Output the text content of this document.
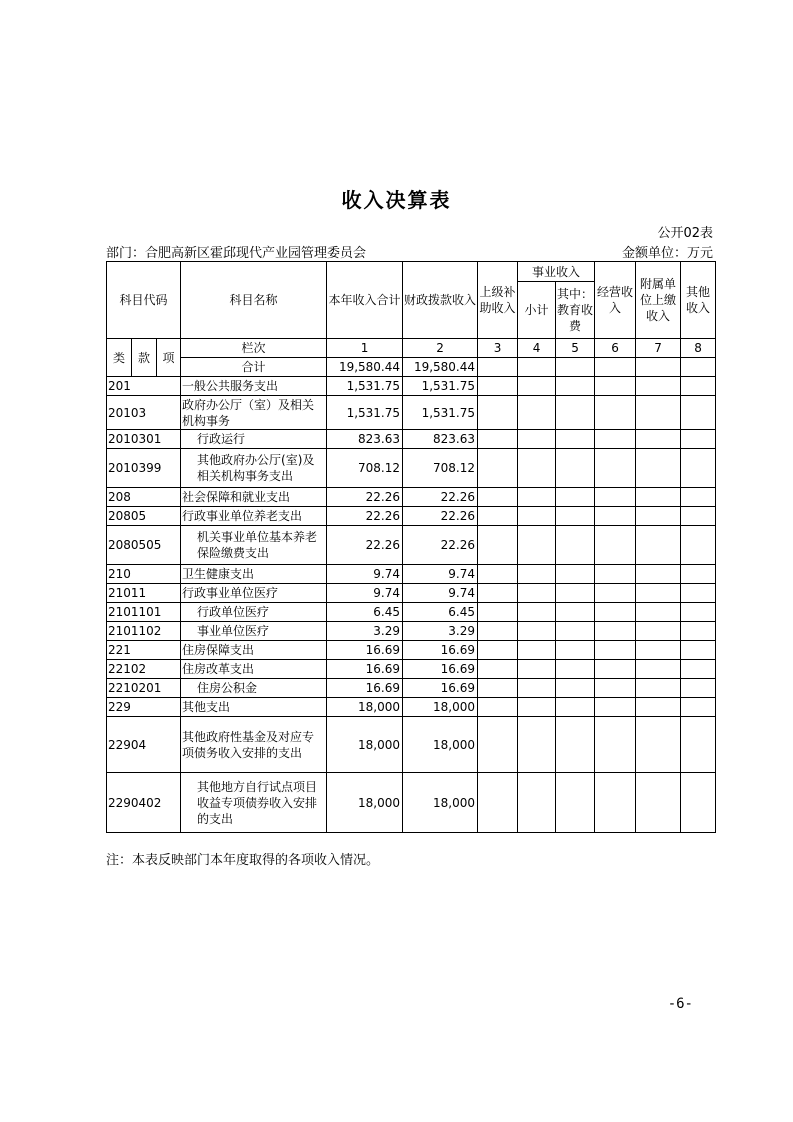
收入决算表
公开02表
部门：合肥高新区霍邱现代产业园管理委员会	金额单位：万元
科目代码			科目名称	本年收入合计	财政拨款收入	上级补助收入	事业收入		经营收入	附属单位上缴收入	其他收入
							小计	其中：教育收费			

类	款	项	栏次	1	2	3	4	5	6	7	8
			合计	19,580.44	19,580.44						
201			一般公共服务支出	1,531.75	1,531.75						
20103			政府办公厅（室）及相关机构事务	1,531.75	1,531.75						
2010301			行政运行	823.63	823.63						
2010399			其他政府办公厅(室)及相关机构事务支出	708.12	708.12						
208			社会保障和就业支出	22.26	22.26						
20805			行政事业单位养老支出	22.26	22.26						
2080505			机关事业单位基本养老保险缴费支出	22.26	22.26						
210			卫生健康支出	9.74	9.74						
21011			行政事业单位医疗	9.74	9.74						
2101101			行政单位医疗	6.45	6.45						
2101102			事业单位医疗	3.29	3.29						
221			住房保障支出	16.69	16.69						
22102			住房改革支出	16.69	16.69						
2210201			住房公积金	16.69	16.69						
229			其他支出	18,000	18,000						
22904			其他政府性基金及对应专项债务收入安排的支出	18,000	18,000						
2290402			其他地方自行试点项目收益专项债券收入安排的支出	18,000	18,000						
注：本表反映部门本年度取得的各项收入情况。
-6-
